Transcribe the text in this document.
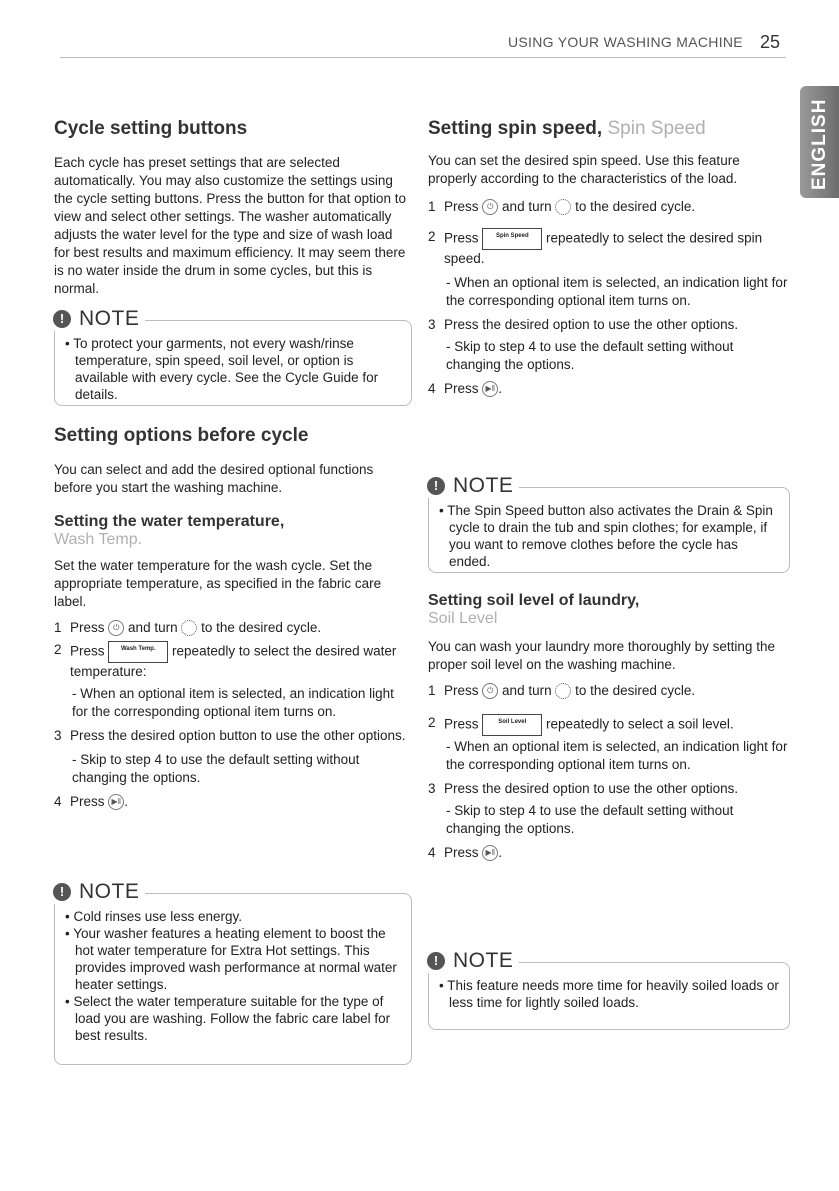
USING YOUR WASHING MACHINE 25
ENGLISH
Cycle setting buttons

Each cycle has preset settings that are selected automatically. You may also customize the settings using the cycle setting buttons. Press the button for that option to view and select other settings. The washer automatically adjusts the water level for the type and size of wash load for best results and maximum efficiency. It may seem there is no water inside the drum in some cycles, but this is normal.

! NOTE
• To protect your garments, not every wash/rinse temperature, spin speed, soil level, or option is available with every cycle. See the Cycle Guide for details.
Setting options before cycle

You can select and add the desired optional functions before you start the washing machine.

Setting the water temperature,
Wash Temp.

Set the water temperature for the wash cycle. Set the appropriate temperature, as specified in the fabric care label.

1 Press ⏻ and turn to the desired cycle.
2 Press	Wash Temp. repeatedly to select the desired water temperature:
- When an optional item is selected, an indication light for the corresponding optional item turns on.
3 Press the desired option button to use the other options.
- Skip to step 4 to use the default setting without changing the options.
4 Press ▶‖ .
! NOTE
• Cold rinses use less energy.
• Your washer features a heating element to boost the hot water temperature for Extra Hot settings. This provides improved wash performance at normal water heater settings.
• Select the water temperature suitable for the type of load you are washing. Follow the fabric care label for best results.
Setting spin speed, Spin Speed

You can set the desired spin speed. Use this feature properly according to the characteristics of the load.

1 Press ⏻ and turn to the desired cycle.
2 Press	Spin Speed repeatedly to select the desired spin speed.
- When an optional item is selected, an indication light for the corresponding optional item turns on.
3 Press the desired option to use the other options.
- Skip to step 4 to use the default setting without changing the options.
4 Press ▶‖ .
! NOTE
• The Spin Speed button also activates the Drain & Spin cycle to drain the tub and spin clothes; for example, if you want to remove clothes before the cycle has ended.
Setting soil level of laundry,
Soil Level

You can wash your laundry more thoroughly by setting the proper soil level on the washing machine.

1 Press ⏻ and turn to the desired cycle.
2 Press	Soil Level repeatedly to select a soil level.
- When an optional item is selected, an indication light for the corresponding optional item turns on.
3 Press the desired option to use the other options.
- Skip to step 4 to use the default setting without changing the options.
4 Press ▶‖ .
! NOTE
• This feature needs more time for heavily soiled loads or less time for lightly soiled loads.
